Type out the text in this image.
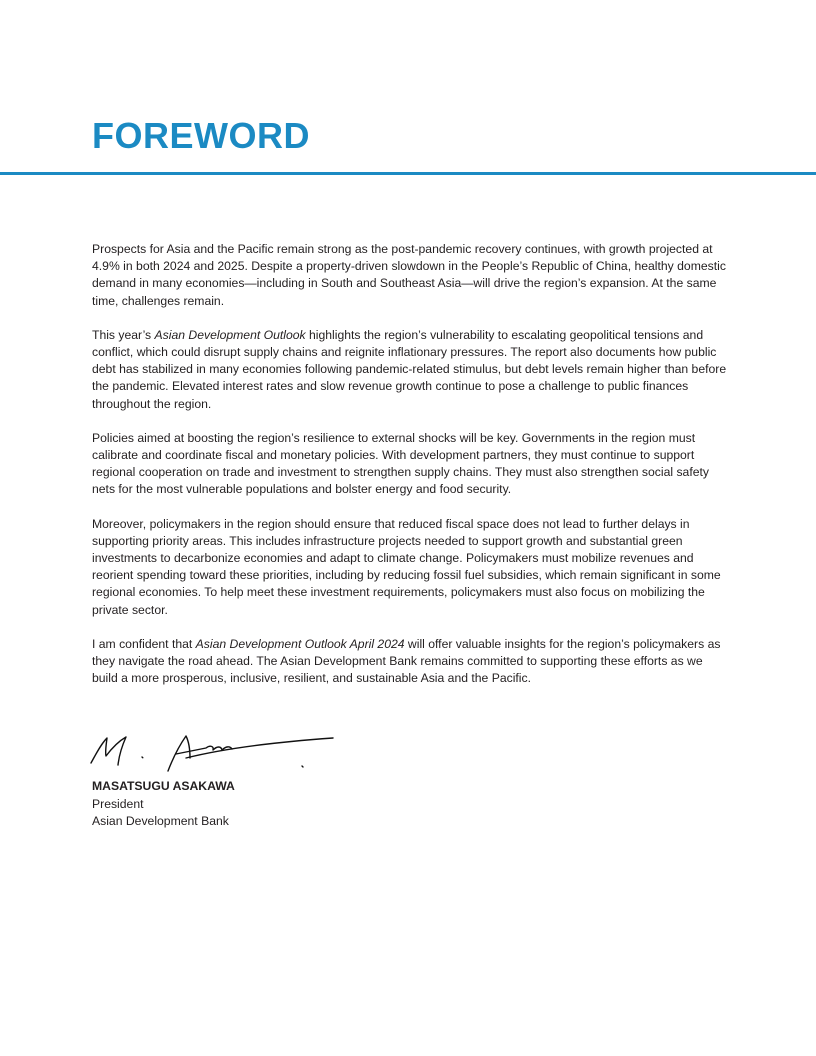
FOREWORD

Prospects for Asia and the Pacific remain strong as the post-pandemic recovery continues, with growth projected at 4.9% in both 2024 and 2025. Despite a property-driven slowdown in the People’s Republic of China, healthy domestic demand in many economies—including in South and Southeast Asia—will drive the region’s expansion. At the same time, challenges remain.

This year’s Asian Development Outlook highlights the region’s vulnerability to escalating geopolitical tensions and conflict, which could disrupt supply chains and reignite inflationary pressures. The report also documents how public debt has stabilized in many economies following pandemic-related stimulus, but debt levels remain higher than before the pandemic. Elevated interest rates and slow revenue growth continue to pose a challenge to public finances throughout the region.

Policies aimed at boosting the region’s resilience to external shocks will be key. Governments in the region must calibrate and coordinate fiscal and monetary policies. With development partners, they must continue to support regional cooperation on trade and investment to strengthen supply chains. They must also strengthen social safety nets for the most vulnerable populations and bolster energy and food security.

Moreover, policymakers in the region should ensure that reduced fiscal space does not lead to further delays in supporting priority areas. This includes infrastructure projects needed to support growth and substantial green investments to decarbonize economies and adapt to climate change. Policymakers must mobilize revenues and reorient spending toward these priorities, including by reducing fossil fuel subsidies, which remain significant in some regional economies. To help meet these investment requirements, policymakers must also focus on mobilizing the private sector.

I am confident that Asian Development Outlook April 2024 will offer valuable insights for the region’s policymakers as they navigate the road ahead. The Asian Development Bank remains committed to supporting these efforts as we build a more prosperous, inclusive, resilient, and sustainable Asia and the Pacific.

MASATSUGU ASAKAWA
President
Asian Development Bank
